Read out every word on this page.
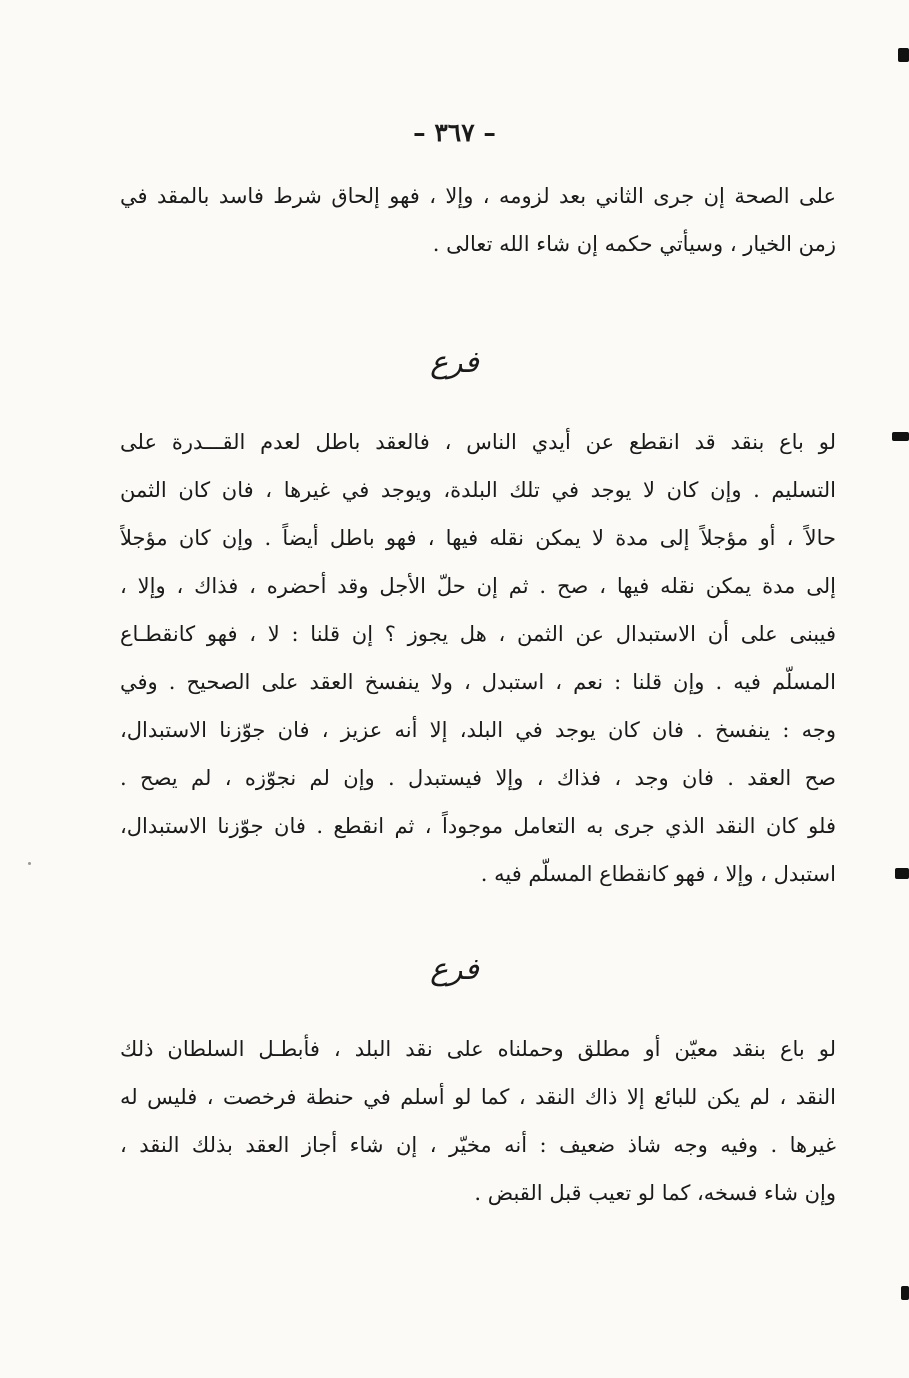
– ٣٦٧ –
على الصحة إن جرى الثاني بعد لزومه ، وإلا ، فهو إلحاق شرط فاسد بالمقد في
زمن الخيار ، وسيأتي حكمه إن شاء الله تعالى .
فرع
لو باع بنقد قد انقطع عن أيدي الناس ، فالعقد باطل لعدم القـــدرة على
التسليم . وإن كان لا يوجد في تلك البلدة، ويوجد في غيرها ، فان كان الثمن
حالاً ، أو مؤجلاً إلى مدة لا يمكن نقله فيها ، فهو باطل أيضاً . وإن كان مؤجلاً
إلى مدة يمكن نقله فيها ، صح . ثم إن حلّ الأجل وقد أحضره ، فذاك ، وإلا ،
فيبنى على أن الاستبدال عن الثمن ، هل يجوز ؟ إن قلنا : لا ، فهو كانقطـاع
المسلّم فيه . وإن قلنا : نعم ، استبدل ، ولا ينفسخ العقد على الصحيح . وفي
وجه : ينفسخ . فان كان يوجد في البلد، إلا أنه عزيز ، فان جوّزنا الاستبدال،
صح العقد . فان وجد ، فذاك ، وإلا فيستبدل . وإن لم نجوّزه ، لم يصح .
فلو كان النقد الذي جرى به التعامل موجوداً ، ثم انقطع . فان جوّزنا الاستبدال،
استبدل ، وإلا ، فهو كانقطاع المسلّم فيه .
فرع
لو باع بنقد معيّن أو مطلق وحملناه على نقد البلد ، فأبطـل السلطان ذلك
النقد ، لم يكن للبائع إلا ذاك النقد ، كما لو أسلم في حنطة فرخصت ، فليس له
غيرها . وفيه وجه شاذ ضعيف : أنه مخيّر ، إن شاء أجاز العقد بذلك النقد ،
وإن شاء فسخه، كما لو تعيب قبل القبض .
